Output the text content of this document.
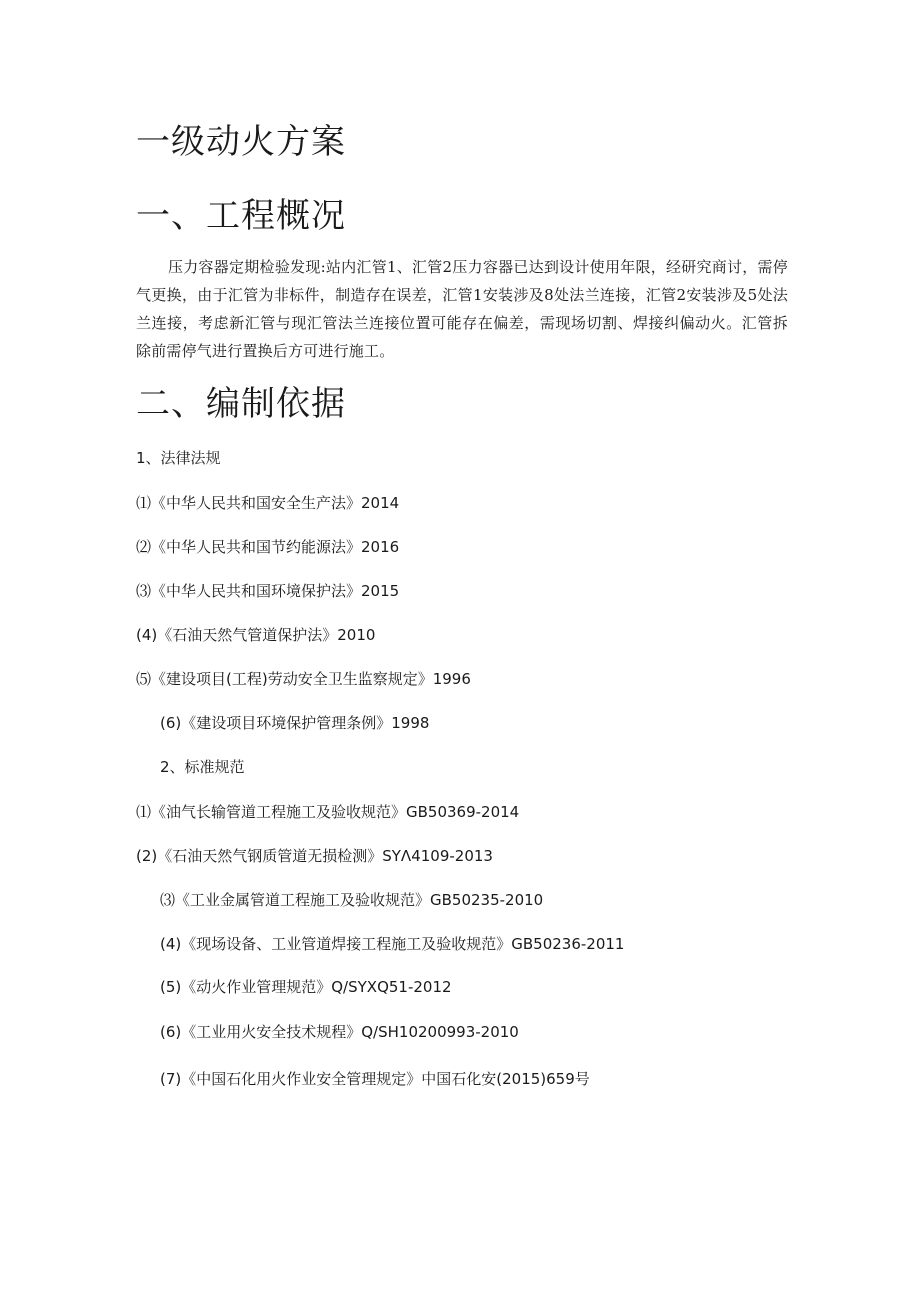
一级动火方案
一、工程概况

压力容器定期检验发现:站内汇管1、汇管2压力容器已达到设计使用年限，经研究商讨，需停气更换，由于汇管为非标件，制造存在误差，汇管1安装涉及8处法兰连接，汇管2安装涉及5处法兰连接，考虑新汇管与现汇管法兰连接位置可能存在偏差，需现场切割、焊接纠偏动火。汇管拆除前需停气进行置换后方可进行施工。

二、编制依据

1、法律法规

⑴《中华人民共和国安全生产法》2014

⑵《中华人民共和国节约能源法》2016

⑶《中华人民共和国环境保护法》2015

(4)《石油天然气管道保护法》2010

⑸《建设项目(工程)劳动安全卫生监察规定》1996

(6)《建设项目环境保护管理条例》1998

2、标准规范

⑴《油气长输管道工程施工及验收规范》GB50369-2014

(2)《石油天然气钢质管道无损检测》SYΛ4109-2013

⑶《工业金属管道工程施工及验收规范》GB50235-2010

(4)《现场设备、工业管道焊接工程施工及验收规范》GB50236-2011

(5)《动火作业管理规范》Q/SYXQ51-2012

(6)《工业用火安全技术规程》Q/SH10200993-2010

(7)《中国石化用火作业安全管理规定》中国石化安(2015)659号
